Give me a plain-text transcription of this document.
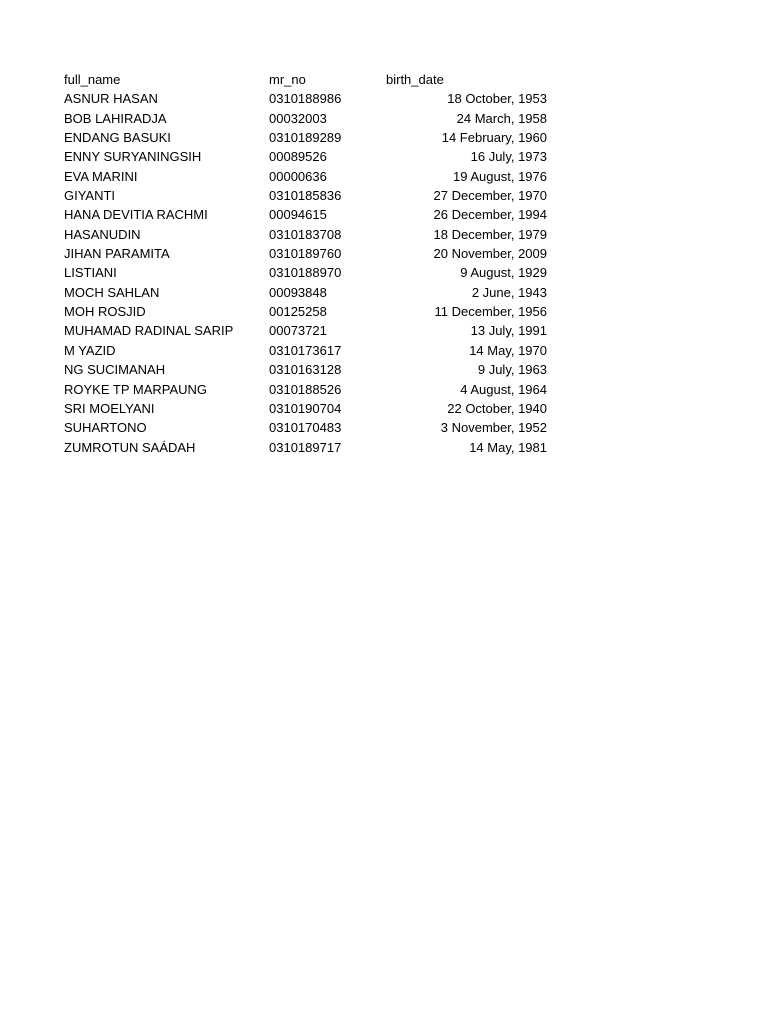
full_name	mr_no	birth_date
ASNUR HASAN	0310188986	18 October, 1953
BOB LAHIRADJA	00032003	24 March, 1958
ENDANG BASUKI	0310189289	14 February, 1960
ENNY SURYANINGSIH	00089526	16 July, 1973
EVA MARINI	00000636	19 August, 1976
GIYANTI	0310185836	27 December, 1970
HANA DEVITIA RACHMI	00094615	26 December, 1994
HASANUDIN	0310183708	18 December, 1979
JIHAN PARAMITA	0310189760	20 November, 2009
LISTIANI	0310188970	9 August, 1929
MOCH SAHLAN	00093848	2 June, 1943
MOH ROSJID	00125258	11 December, 1956
MUHAMAD RADINAL SARIP	00073721	13 July, 1991
M YAZID	0310173617	14 May, 1970
NG SUCIMANAH	0310163128	9 July, 1963
ROYKE TP MARPAUNG	0310188526	4 August, 1964
SRI MOELYANI	0310190704	22 October, 1940
SUHARTONO	0310170483	3 November, 1952
ZUMROTUN SAÁDAH	0310189717	14 May, 1981
